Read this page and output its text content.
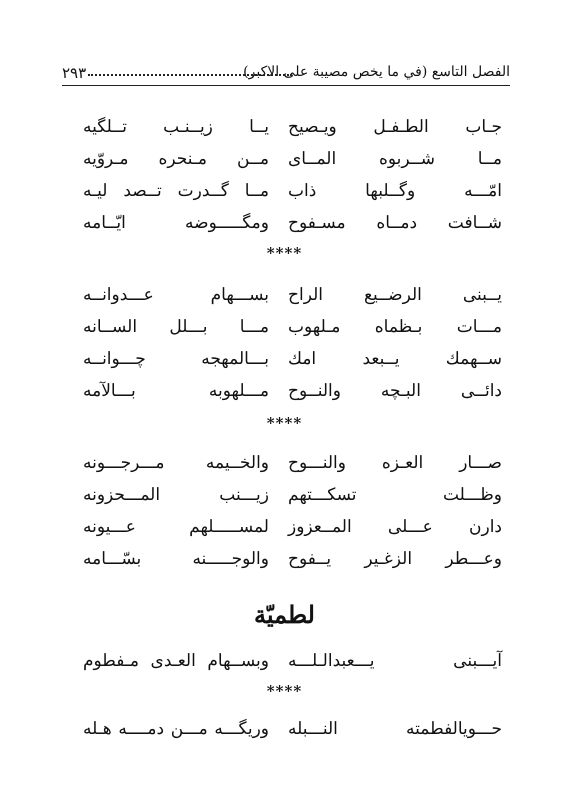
الفصل التاسع (في ما يخص مصيبة على الاكبر)
٢٩٣
جـاب الطـفـل ويـصيح
يــا زيــنـب تــلگيه
مــا شــربوه المــاى
مــن مـنحره مـروّيه
امّـــه وگــلبها ذاب
مــا گــدرت تــصد ليـه
شــافت دمــاه مسـفوح
ومگـــــوضه ايّــامه
****
يــبنى الرضــيع الراح
بســـهام عـــدوانــه
مـــات بـظماه مـلهوب
مـــا بـــلل الســانه
ســهمك يــبعد امك
بـــالمهجه چـــوانــه
دائــى البـچه والنــوح
مـــلهوبه بـــالآمه
****
صـــار العـزه والنـــوح
والخــيمه مـــرجـــونه
وظـــلت تسكـــتهم
زيـــنب المـــحزونه
دارن عـــلى المــعزوز
لمســـــلهم عـــيونه
وعـــطر الزغـير يــفوح
والوجـــــنه بسّـــامه
لطميّة
آيـــبنى يـــعبدالـلـــه
وبســهام العـدى مـفطوم
****
حـــويالفطمته النـــبله
وريگـــه مـــن دمــــه هـله
